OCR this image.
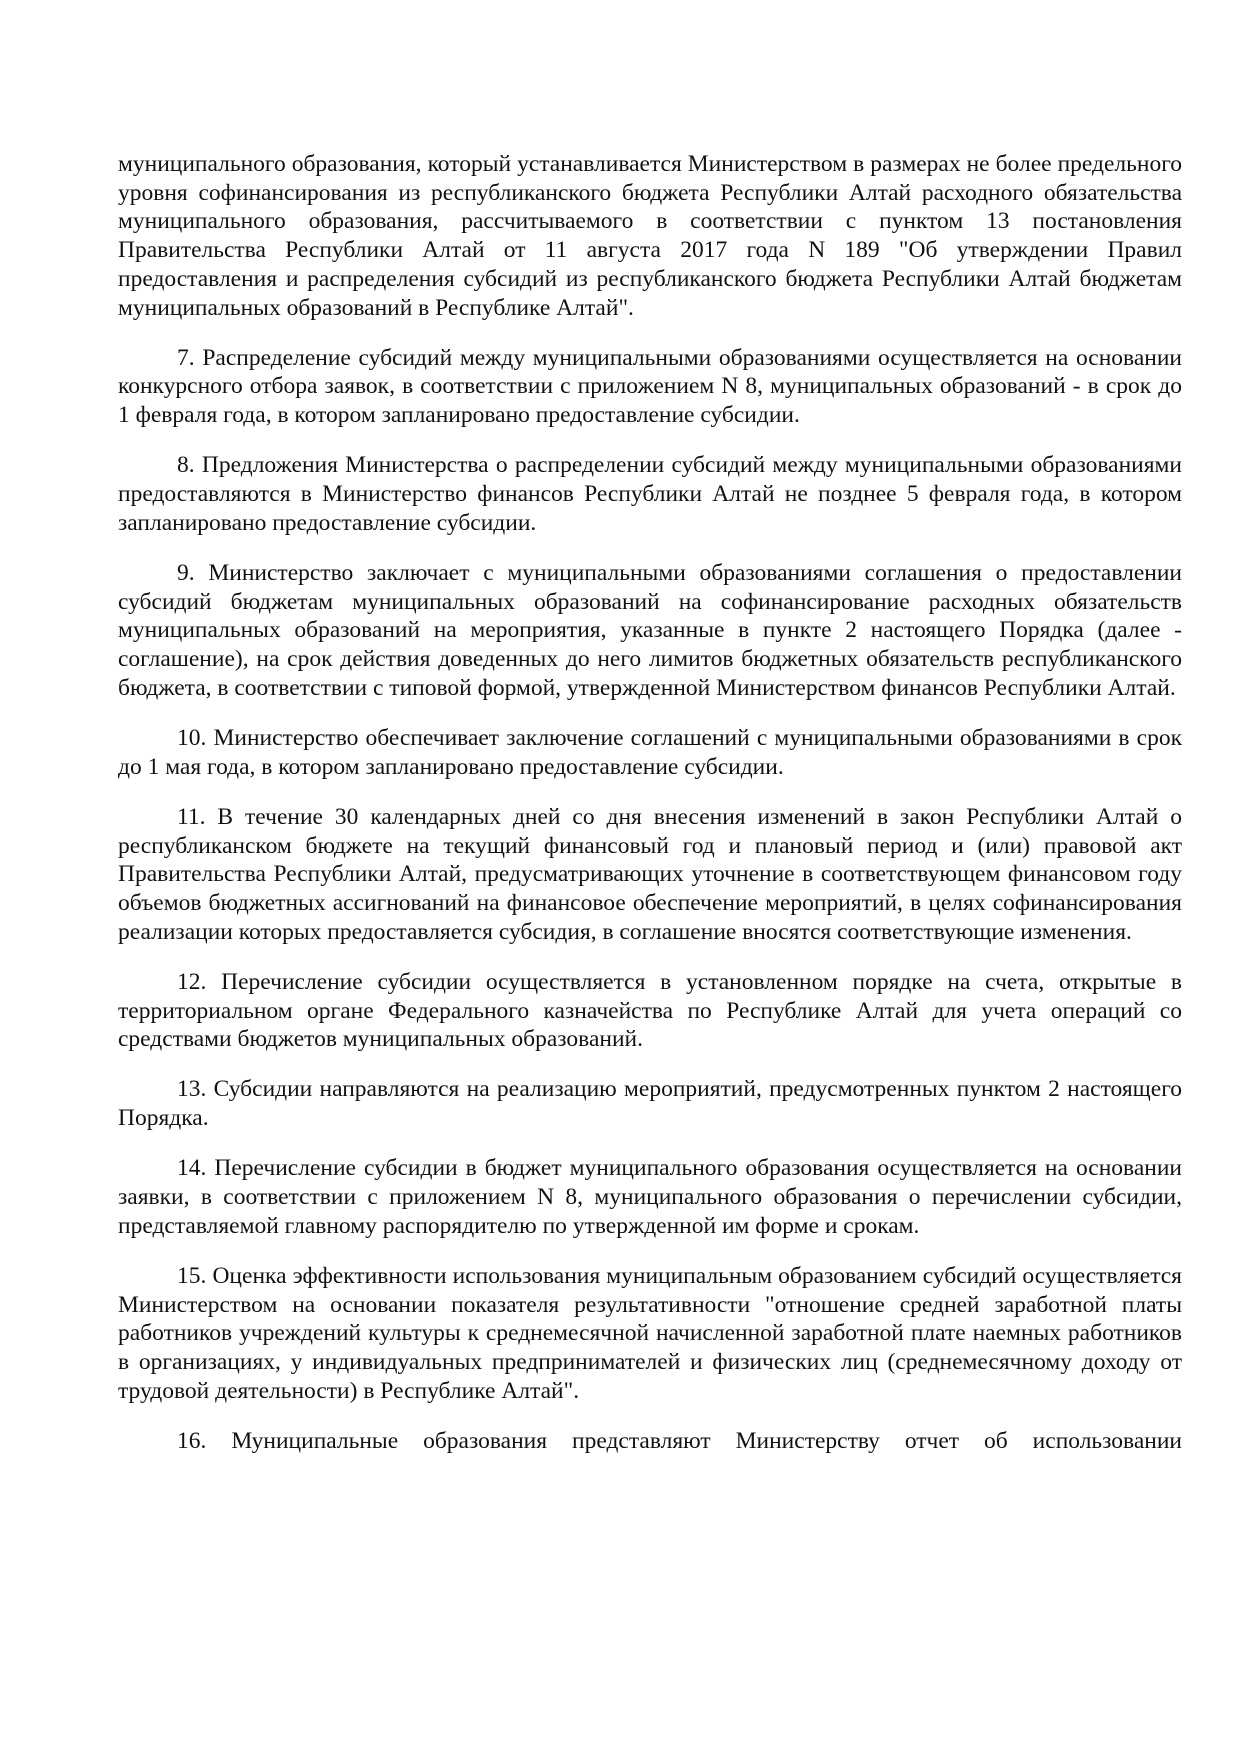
муниципального образования, который устанавливается Министерством в размерах не более предельного уровня софинансирования из республиканского бюджета Республики Алтай расходного обязательства муниципального образования, рассчитываемого в соответствии с пунктом 13 постановления Правительства Республики Алтай от 11 августа 2017 года N 189 "Об утверждении Правил предоставления и распределения субсидий из республиканского бюджета Республики Алтай бюджетам муниципальных образований в Республике Алтай".

7. Распределение субсидий между муниципальными образованиями осуществляется на основании конкурсного отбора заявок, в соответствии с приложением N 8, муниципальных образований - в срок до 1 февраля года, в котором запланировано предоставление субсидии.

8. Предложения Министерства о распределении субсидий между муниципальными образованиями предоставляются в Министерство финансов Республики Алтай не позднее 5 февраля года, в котором запланировано предоставление субсидии.

9. Министерство заключает с муниципальными образованиями соглашения о предоставлении субсидий бюджетам муниципальных образований на софинансирование расходных обязательств муниципальных образований на мероприятия, указанные в пункте 2 настоящего Порядка (далее - соглашение), на срок действия доведенных до него лимитов бюджетных обязательств республиканского бюджета, в соответствии с типовой формой, утвержденной Министерством финансов Республики Алтай.

10. Министерство обеспечивает заключение соглашений с муниципальными образованиями в срок до 1 мая года, в котором запланировано предоставление субсидии.

11. В течение 30 календарных дней со дня внесения изменений в закон Республики Алтай о республиканском бюджете на текущий финансовый год и плановый период и (или) правовой акт Правительства Республики Алтай, предусматривающих уточнение в соответствующем финансовом году объемов бюджетных ассигнований на финансовое обеспечение мероприятий, в целях софинансирования реализации которых предоставляется субсидия, в соглашение вносятся соответствующие изменения.

12. Перечисление субсидии осуществляется в установленном порядке на счета, открытые в территориальном органе Федерального казначейства по Республике Алтай для учета операций со средствами бюджетов муниципальных образований.

13. Субсидии направляются на реализацию мероприятий, предусмотренных пунктом 2 настоящего Порядка.

14. Перечисление субсидии в бюджет муниципального образования осуществляется на основании заявки, в соответствии с приложением N 8, муниципального образования о перечислении субсидии, представляемой главному распорядителю по утвержденной им форме и срокам.

15. Оценка эффективности использования муниципальным образованием субсидий осуществляется Министерством на основании показателя результативности "отношение средней заработной платы работников учреждений культуры к среднемесячной начисленной заработной плате наемных работников в организациях, у индивидуальных предпринимателей и физических лиц (среднемесячному доходу от трудовой деятельности) в Республике Алтай".

16. Муниципальные образования представляют Министерству отчет об использовании
